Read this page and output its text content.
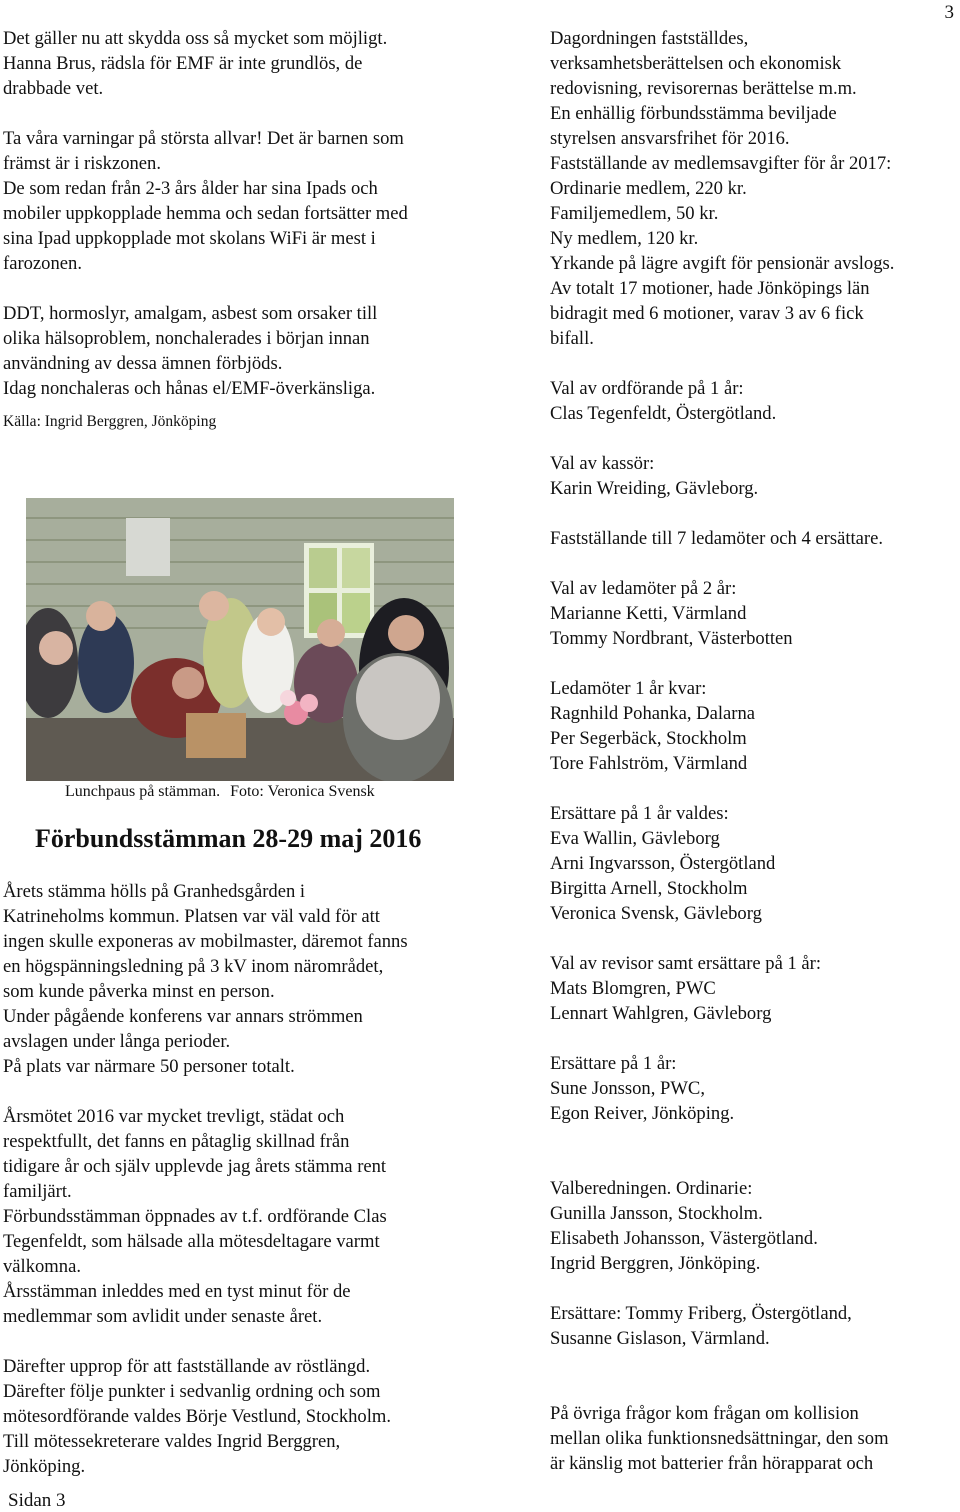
3

Det gäller nu att skydda oss så mycket som möjligt.

Hanna Brus, rädsla för EMF är inte grundlös, de

drabbade vet.

Ta våra varningar på största allvar! Det är barnen som

främst är i riskzonen.

De som redan från 2-3 års ålder har sina Ipads och

mobiler uppkopplade hemma och sedan fortsätter med

sina Ipad uppkopplade mot skolans WiFi är mest i

farozonen.

DDT, hormoslyr, amalgam, asbest som orsaker till

olika hälsoproblem, nonchalerades i början innan

användning av dessa ämnen förbjöds.

Idag nonchaleras och hånas el/EMF-överkänsliga.

Källa: Ingrid Berggren, Jönköping

Lunchpaus på stämman. Foto: Veronica Svensk
Förbundsstämman 28-29 maj 2016

Årets stämma hölls på Granhedsgården i

Katrineholms kommun. Platsen var väl vald för att

ingen skulle exponeras av mobilmaster, däremot fanns

en högspänningsledning på 3 kV inom närområdet,

som kunde påverka minst en person.

Under pågående konferens var annars strömmen

avslagen under långa perioder.

På plats var närmare 50 personer totalt.

Årsmötet 2016 var mycket trevligt, städat och

respektfullt, det fanns en påtaglig skillnad från

tidigare år och själv upplevde jag årets stämma rent

familjärt.

Förbundsstämman öppnades av t.f. ordförande Clas

Tegenfeldt, som hälsade alla mötesdeltagare varmt

välkomna.

Årsstämman inleddes med en tyst minut för de

medlemmar som avlidit under senaste året.

Därefter upprop för att fastställande av röstlängd.

Därefter följe punkter i sedvanlig ordning och som

mötesordförande valdes Börje Vestlund, Stockholm.

Till mötessekreterare valdes Ingrid Berggren,

Jönköping.

Dagordningen fastställdes,

verksamhetsberättelsen och ekonomisk

redovisning, revisorernas berättelse m.m.

En enhällig förbundsstämma beviljade

styrelsen ansvarsfrihet för 2016.

Fastställande av medlemsavgifter för år 2017:

Ordinarie medlem, 220 kr.

Familjemedlem, 50 kr.

Ny medlem, 120 kr.

Yrkande på lägre avgift för pensionär avslogs.

Av totalt 17 motioner, hade Jönköpings län

bidragit med 6 motioner, varav 3 av 6 fick

bifall.

Val av ordförande på 1 år:

Clas Tegenfeldt, Östergötland.

Val av kassör:

Karin Wreiding, Gävleborg.

Fastställande till 7 ledamöter och 4 ersättare.

Val av ledamöter på 2 år:

Marianne Ketti, Värmland

Tommy Nordbrant, Västerbotten

Ledamöter 1 år kvar:

Ragnhild Pohanka, Dalarna

Per Segerbäck, Stockholm

Tore Fahlström, Värmland

Ersättare på 1 år valdes:

Eva Wallin, Gävleborg

Arni Ingvarsson, Östergötland

Birgitta Arnell, Stockholm

Veronica Svensk, Gävleborg

Val av revisor samt ersättare på 1 år:

Mats Blomgren, PWC

Lennart Wahlgren, Gävleborg

Ersättare på 1 år:

Sune Jonsson, PWC,

Egon Reiver, Jönköping.

Valberedningen. Ordinarie:

Gunilla Jansson, Stockholm.

Elisabeth Johansson, Västergötland.

Ingrid Berggren, Jönköping.

Ersättare: Tommy Friberg, Östergötland,

Susanne Gislason, Värmland.

På övriga frågor kom frågan om kollision

mellan olika funktionsnedsättningar, den som

är känslig mot batterier från hörapparat och

Sidan 3
